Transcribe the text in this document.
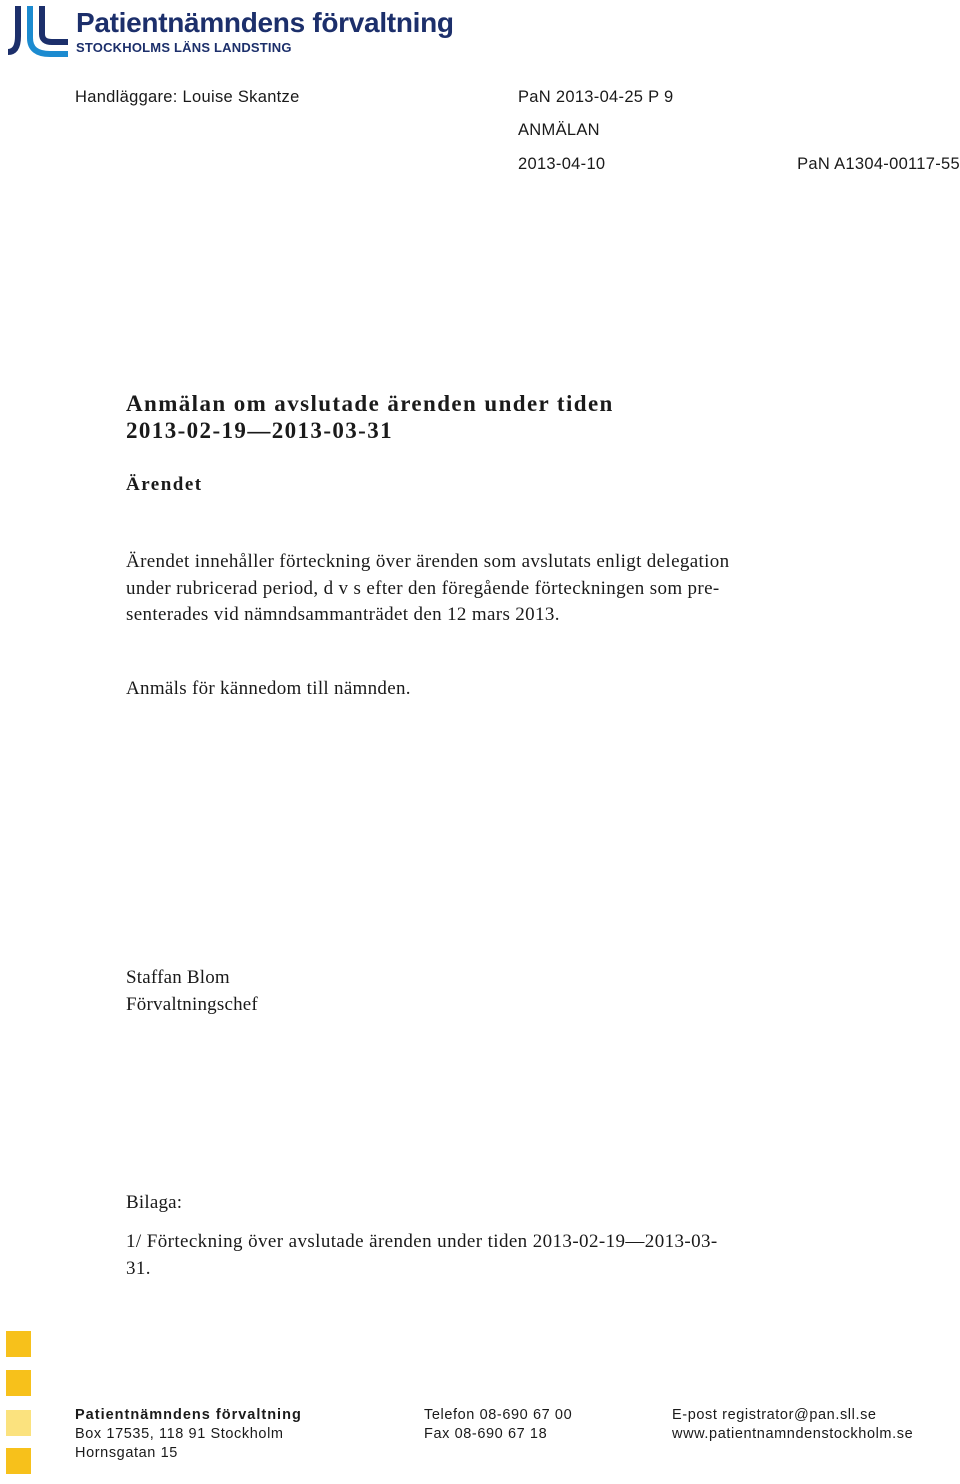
Patientnämndens förvaltning
STOCKHOLMS LÄNS LANDSTING
Handläggare: Louise Skantze	PaN 2013-04-25 P 9
ANMÄLAN
2013-04-10	PaN A1304-00117-55
Anmälan om avslutade ärenden under tiden
2013-02-19—2013-03-31
Ärendet
Ärendet innehåller förteckning över ärenden som avslutats enligt delegation
under rubricerad period, d v s efter den föregående förteckningen som pre-
senterades vid nämndsammanträdet den 12 mars 2013.
Anmäls för kännedom till nämnden.
Staffan Blom
Förvaltningschef
Bilaga:
1/ Förteckning över avslutade ärenden under tiden 2013-02-19—2013-03-
31.
Patientnämndens förvaltning
Box 17535, 118 91 Stockholm
Hornsgatan 15
Telefon 08-690 67 00
Fax 08-690 67 18
E-post registrator@pan.sll.se
www.patientnamndenstockholm.se
